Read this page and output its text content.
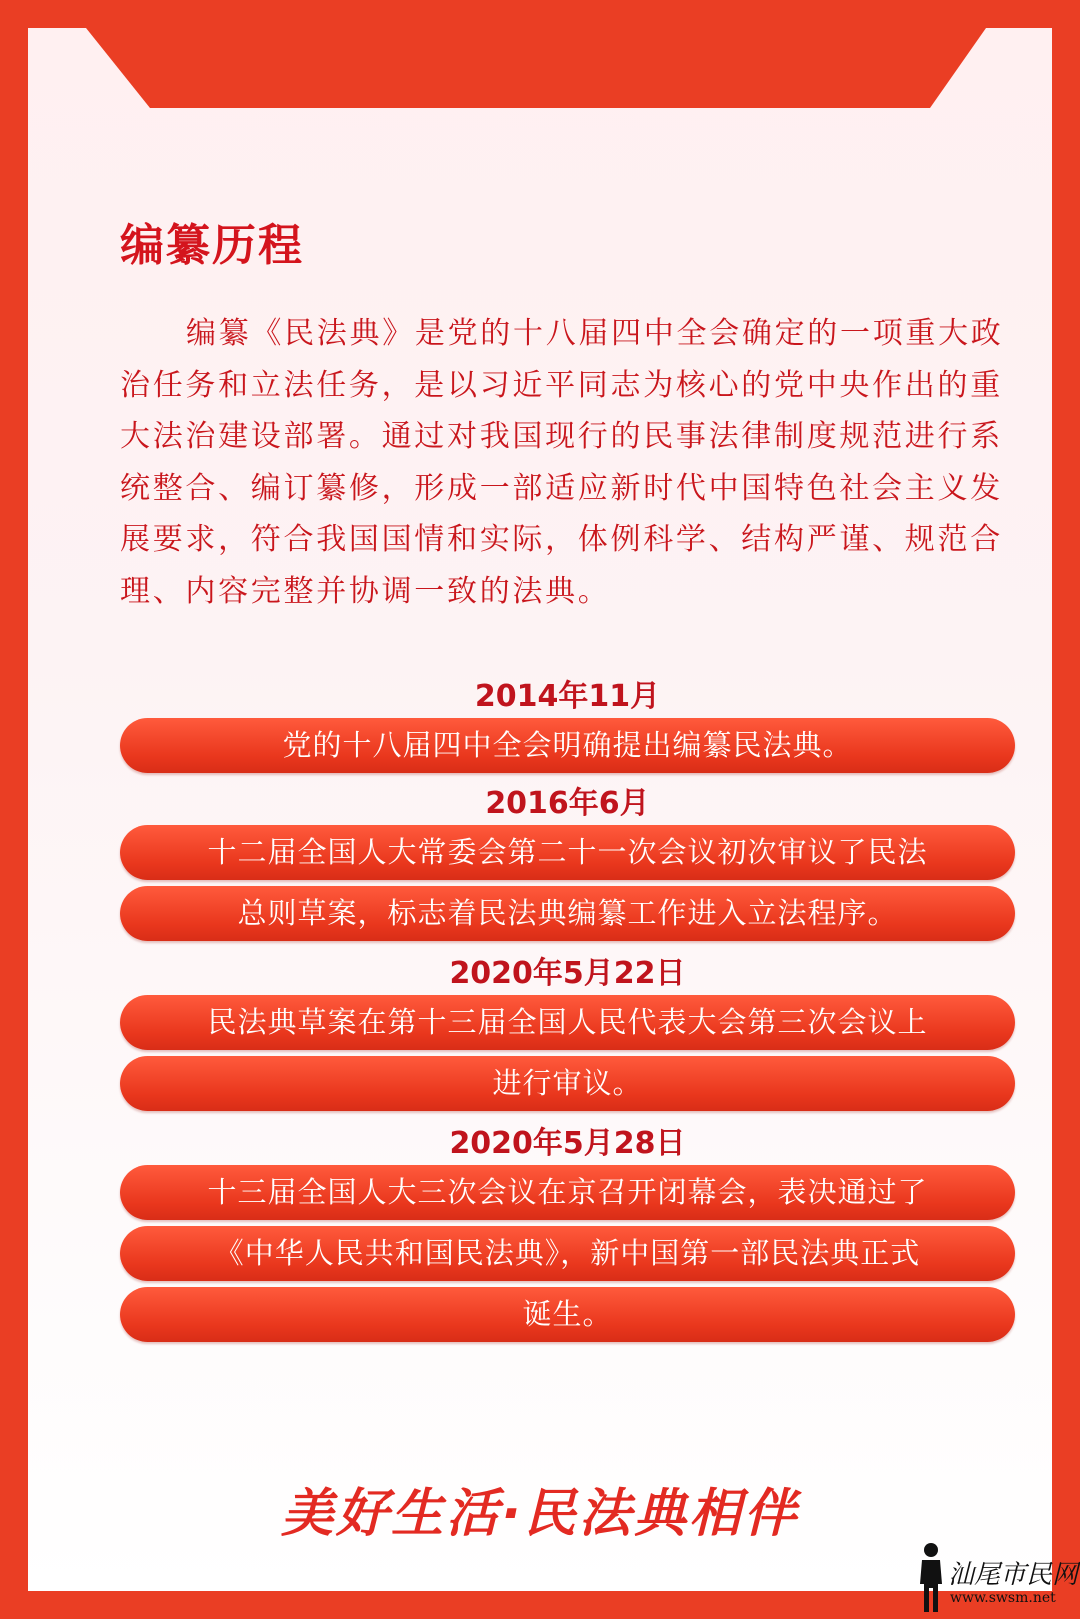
编纂历程

编纂《民法典》是党的十八届四中全会确定的一项重大政治任务和立法任务，是以习近平同志为核心的党中央作出的重大法治建设部署。通过对我国现行的民事法律制度规范进行系统整合、编订纂修，形成一部适应新时代中国特色社会主义发展要求，符合我国国情和实际，体例科学、结构严谨、规范合理、内容完整并协调一致的法典。

2014年11月
党的十八届四中全会明确提出编纂民法典。
2016年6月
十二届全国人大常委会第二十一次会议初次审议了民法
总则草案，标志着民法典编纂工作进入立法程序。
2020年5月22日
民法典草案在第十三届全国人民代表大会第三次会议上
进行审议。
2020年5月28日
十三届全国人大三次会议在京召开闭幕会，表决通过了
《中华人民共和国民法典》，新中国第一部民法典正式
诞生。
美好生活·民法典相伴
汕尾市民网
www.swsm.net
